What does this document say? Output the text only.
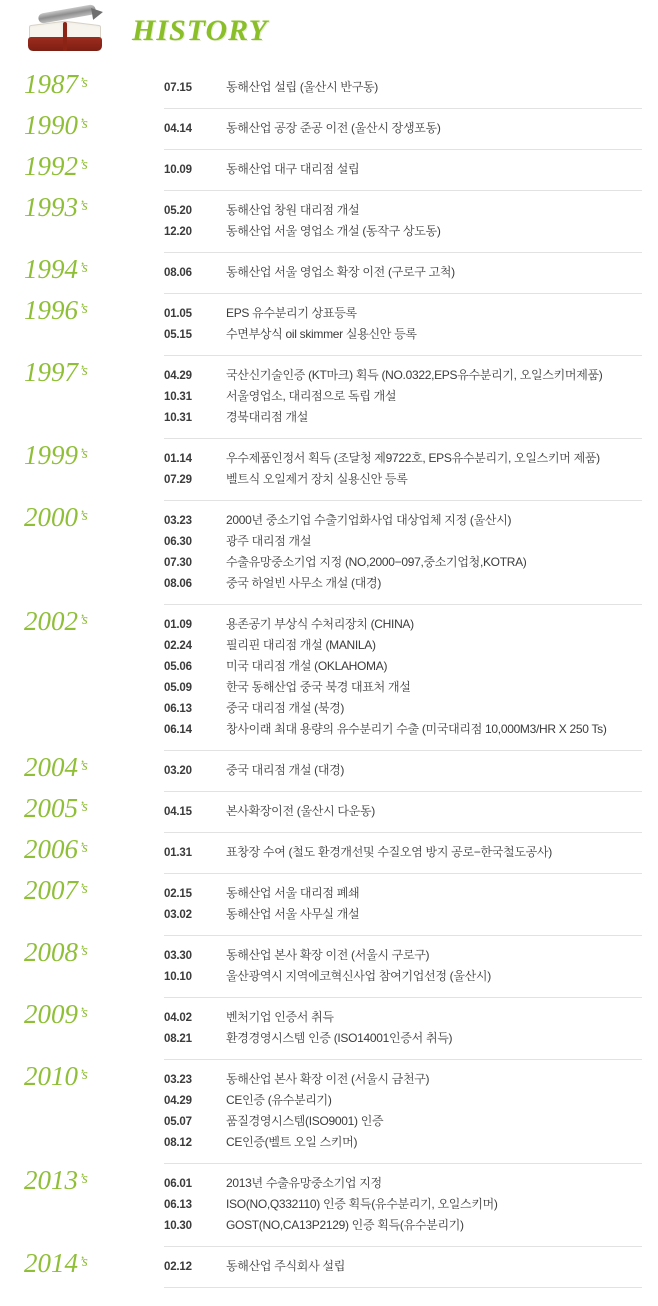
HISTORY
$1987^{’s}$	07.15	동해산업 설립 (울산시 반구동)
$1990^{’s}$	04.14	동해산업 공장 준공 이전 (울산시 장생포동)
$1992^{’s}$	10.09	동해산업 대구 대리점 설립
$1993^{’s}$	05.20	동해산업 창원 대리점 개설
12.20	동해산업 서울 영업소 개설 (동작구 상도동)
$1994^{’s}$	08.06	동해산업 서울 영업소 확장 이전 (구로구 고척)
$1996^{’s}$	01.05	EPS 유수분리기 상표등록
05.15	수면부상식 oil skimmer 실용신안 등록
$1997^{’s}$	04.29	국산신기술인증 (KT마크) 획득 (NO.0322,EPS유수분리기, 오일스키머제품)
10.31	서울영업소, 대리점으로 독립 개설
10.31	경북대리점 개설
$1999^{’s}$	01.14	우수제품인정서 획득 (조달청 제9722호, EPS유수분리기, 오일스키머 제품)
07.29	벨트식 오일제거 장치 실용신안 등록
$2000^{’s}$	03.23	2000년 중소기업 수출기업화사업 대상업체 지정 (울산시)
06.30	광주 대리점 개설
07.30	수출유망중소기업 지정 (NO,2000−097,중소기업청,KOTRA)
08.06	중국 하얼빈 사무소 개설 (대경)
$2002^{’s}$	01.09	용존공기 부상식 수처리장치 (CHINA)
02.24	필리핀 대리점 개설 (MANILA)
05.06	미국 대리점 개설 (OKLAHOMA)
05.09	한국 동해산업 중국 북경 대표처 개설
06.13	중국 대리점 개설 (북경)
06.14	창사이래 최대 용량의 유수분리기 수출 (미국대리점 10,000M3/HR X 250 Ts)
$2004^{’s}$	03.20	중국 대리점 개설 (대경)
$2005^{’s}$	04.15	본사확장이전 (울산시 다운동)
$2006^{’s}$	01.31	표창장 수여 (철도 환경개선및 수질오염 방지 공로−한국철도공사)
$2007^{’s}$	02.15	동해산업 서울 대리점 폐쇄
03.02	동해산업 서울 사무실 개설
$2008^{’s}$	03.30	동해산업 본사 확장 이전 (서울시 구로구)
10.10	울산광역시 지역에코혁신사업 참여기업선정 (울산시)
$2009^{’s}$	04.02	벤처기업 인증서 취득
08.21	환경경영시스템 인증 (ISO14001인증서 취득)
$2010^{’s}$	03.23	동해산업 본사 확장 이전 (서울시 금천구)
04.29	CE인증 (유수분리기)
05.07	품질경영시스템(ISO9001) 인증
08.12	CE인증(벨트 오일 스키머)
$2013^{’s}$	06.01	2013년 수출유망중소기업 지정
06.13	ISO(NO,Q332110) 인증 획득(유수분리기, 오일스키머)
10.30	GOST(NO,CA13P2129) 인증 획득(유수분리기)
$2014^{’s}$	02.12	동해산업 주식회사 설립
